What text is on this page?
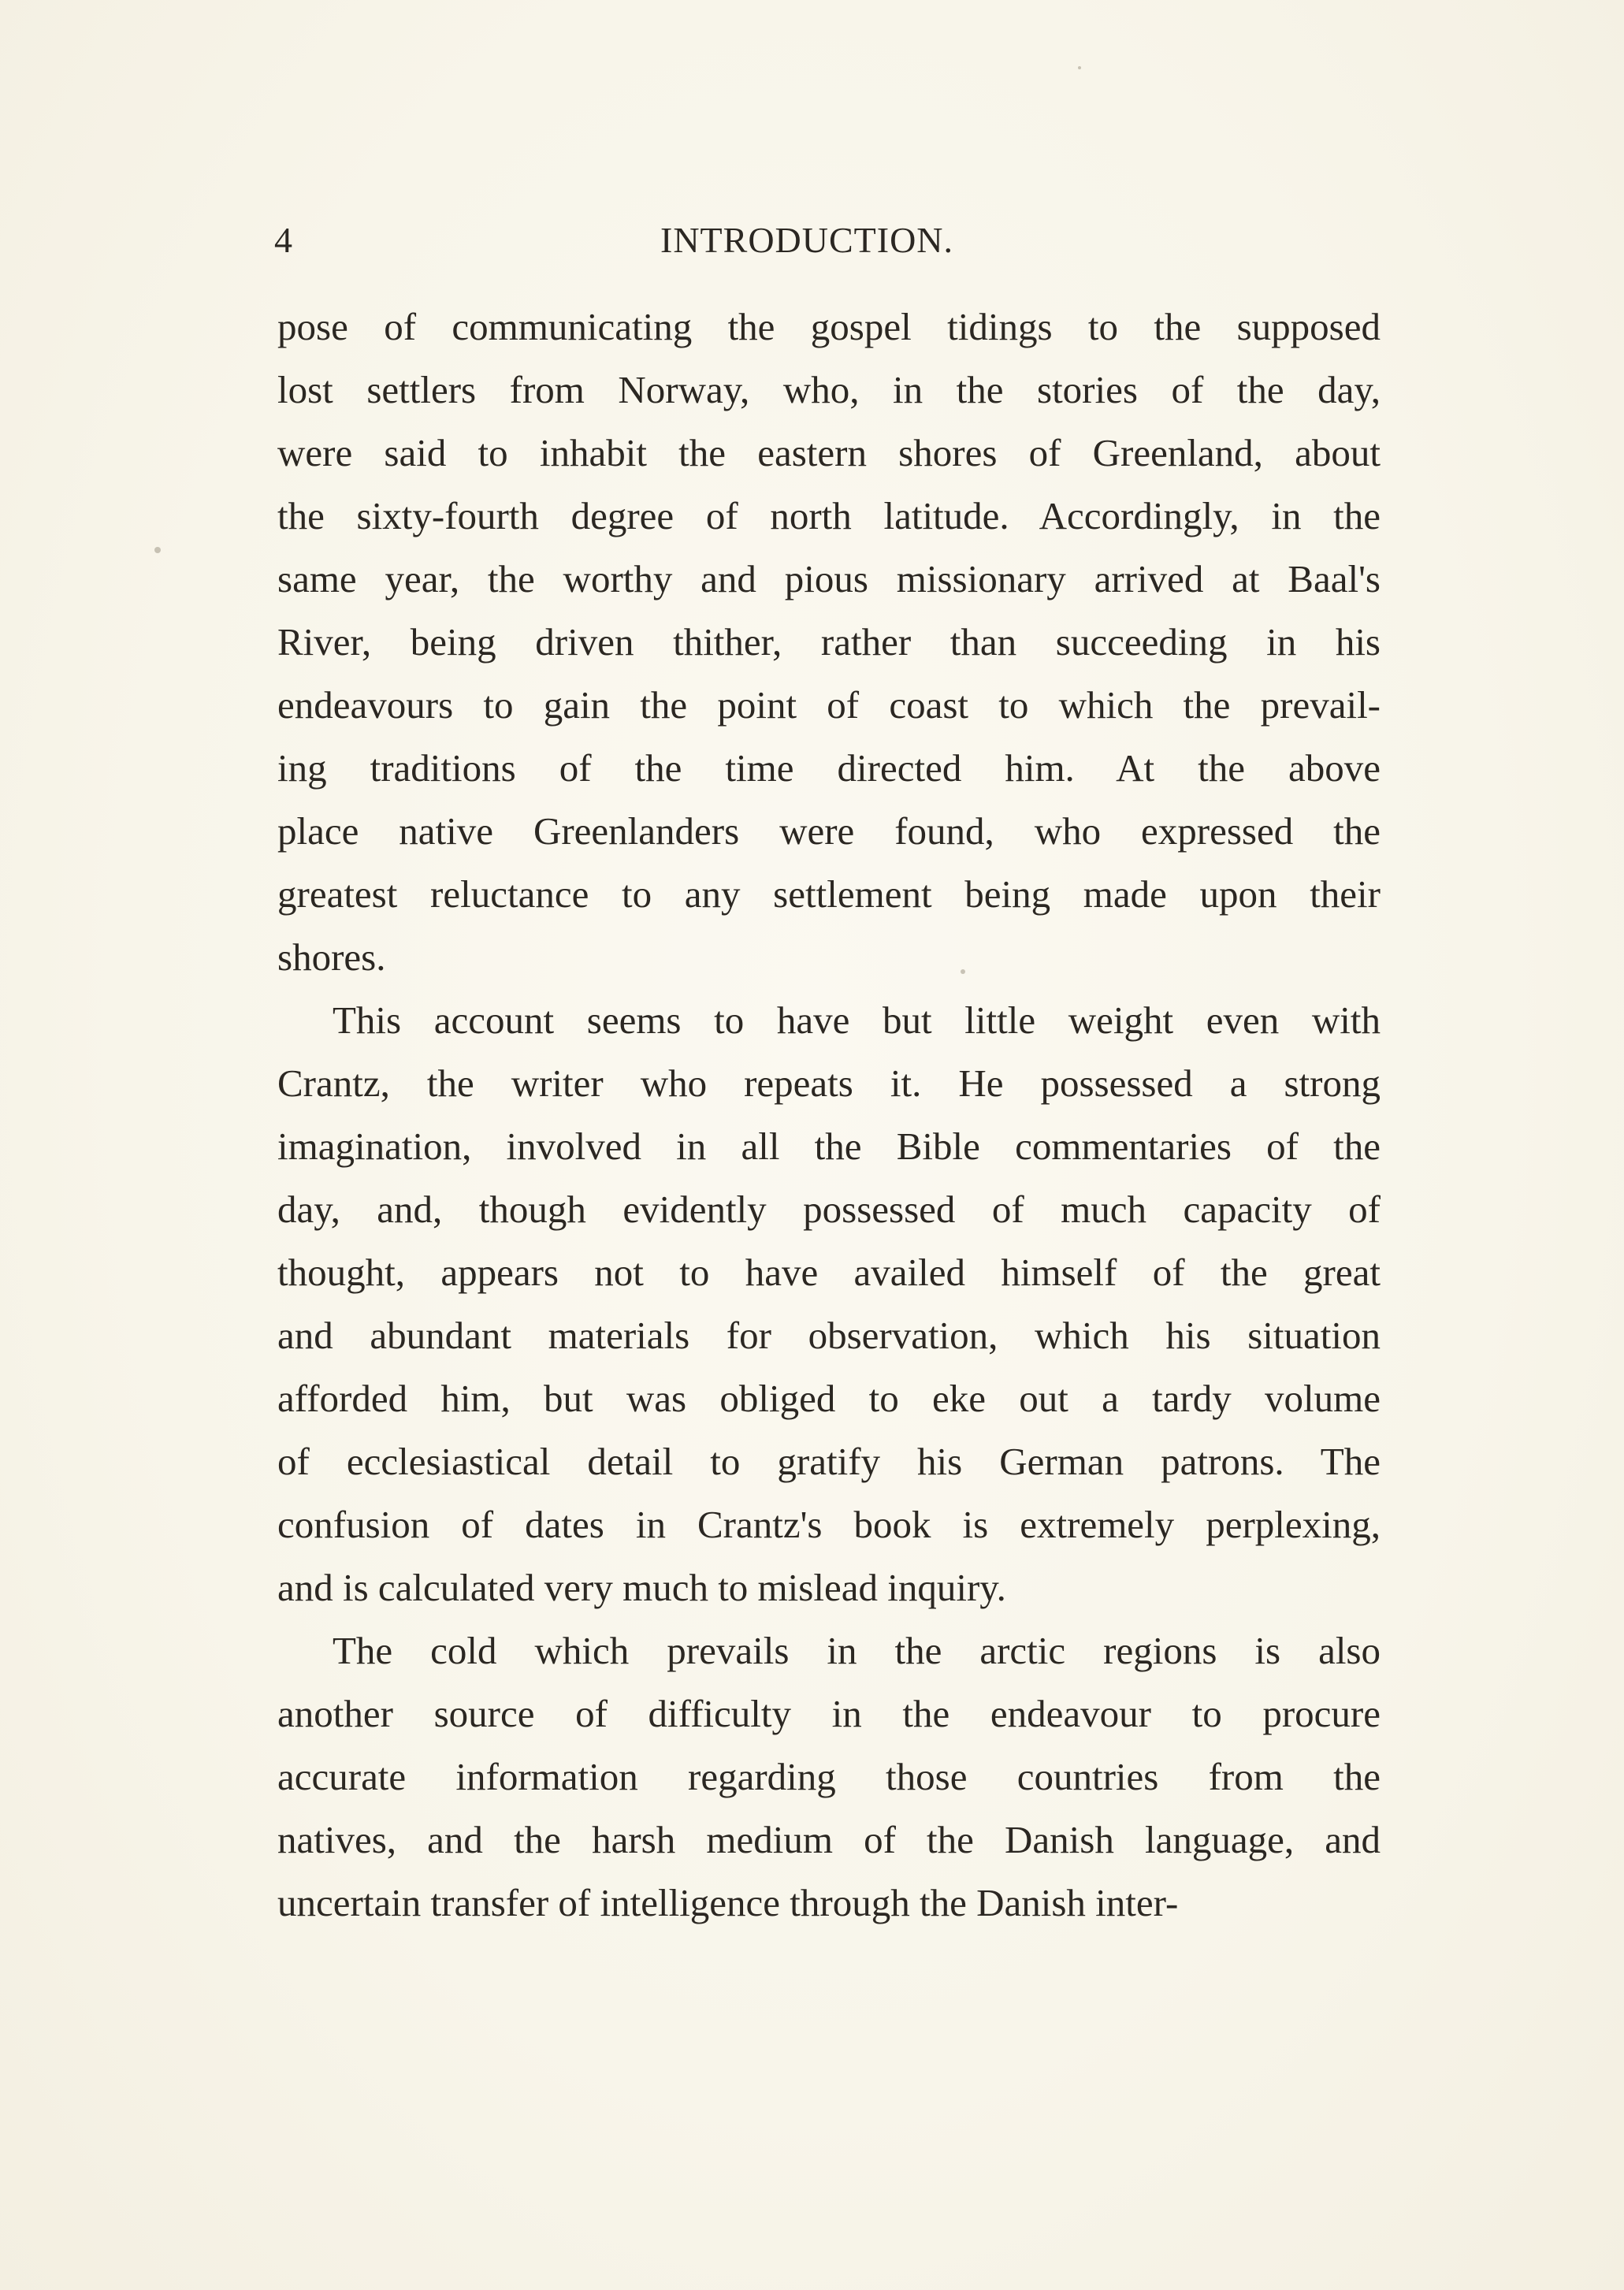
4	INTRODUCTION.
pose of communicating the gospel tidings to the supposed
lost settlers from Norway, who, in the stories of the day,
were said to inhabit the eastern shores of Greenland, about
the sixty-fourth degree of north latitude. Accordingly, in the
same year, the worthy and pious missionary arrived at Baal's
River, being driven thither, rather than succeeding in his
endeavours to gain the point of coast to which the prevail-
ing traditions of the time directed him. At the above
place native Greenlanders were found, who expressed the
greatest reluctance to any settlement being made upon their
shores.
This account seems to have but little weight even with
Crantz, the writer who repeats it. He possessed a strong
imagination, involved in all the Bible commentaries of the
day, and, though evidently possessed of much capacity of
thought, appears not to have availed himself of the great
and abundant materials for observation, which his situation
afforded him, but was obliged to eke out a tardy volume
of ecclesiastical detail to gratify his German patrons. The
confusion of dates in Crantz's book is extremely perplexing,
and is calculated very much to mislead inquiry.
The cold which prevails in the arctic regions is also
another source of difficulty in the endeavour to procure
accurate information regarding those countries from the
natives, and the harsh medium of the Danish language, and
uncertain transfer of intelligence through the Danish inter-
